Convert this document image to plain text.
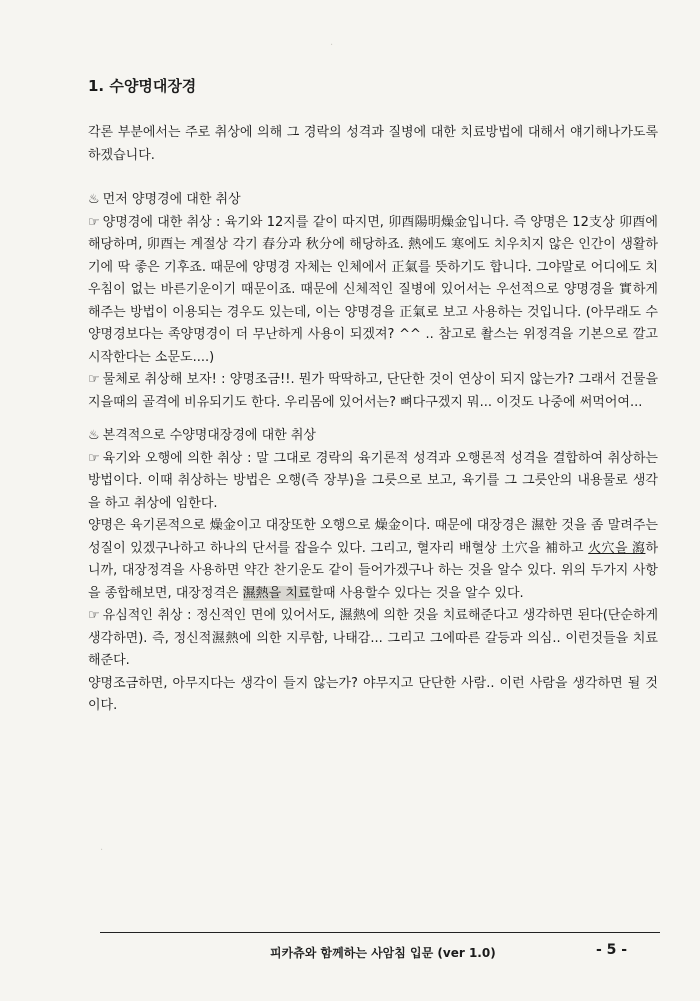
·
·
1. 수양명대장경

각론 부분에서는 주로 취상에 의해 그 경락의 성격과 질병에 대한 치료방법에 대해서 얘기해나가도록 하겠습니다.

♨ 먼저 양명경에 대한 취상

☞ 양명경에 대한 취상 : 육기와 12지를 같이 따지면, 卯酉陽明燥金입니다. 즉 양명은 12支상 卯酉에 해당하며, 卯酉는 계절상 각기 春分과 秋分에 해당하죠. 熱에도 寒에도 치우치지 않은 인간이 생활하기에 딱 좋은 기후죠. 때문에 양명경 자체는 인체에서 正氣를 뜻하기도 합니다. 그야말로 어디에도 치우침이 없는 바른기운이기 때문이죠. 때문에 신체적인 질병에 있어서는 우선적으로 양명경을 實하게 해주는 방법이 이용되는 경우도 있는데, 이는 양명경을 正氣로 보고 사용하는 것입니다. (아무래도 수양명경보다는 족양명경이 더 무난하게 사용이 되겠져? ^^ .. 참고로 촬스는 위정격을 기본으로 깔고 시작한다는 소문도....)

☞ 물체로 취상해 보자! : 양명조금!!. 뭔가 딱딱하고, 단단한 것이 연상이 되지 않는가? 그래서 건물을 지을때의 골격에 비유되기도 한다. 우리몸에 있어서는? 뼈다구겠지 뭐... 이것도 나중에 써먹어여...

♨ 본격적으로 수양명대장경에 대한 취상

☞ 육기와 오행에 의한 취상 : 말 그대로 경락의 육기론적 성격과 오행론적 성격을 결합하여 취상하는 방법이다. 이때 취상하는 방법은 오행(즉 장부)을 그릇으로 보고, 육기를 그 그릇안의 내용물로 생각을 하고 취상에 임한다.

양명은 육기론적으로 燥金이고 대장또한 오행으로 燥金이다. 때문에 대장경은 濕한 것을 좀 말려주는 성질이 있겠구나하고 하나의 단서를 잡을수 있다. 그리고, 혈자리 배혈상 土穴을 補하고 火穴을 瀉하니까, 대장정격을 사용하면 약간 찬기운도 같이 들어가겠구나 하는 것을 알수 있다. 위의 두가지 사항을 종합해보면, 대장정격은 濕熱을 치료할때 사용할수 있다는 것을 알수 있다.

☞ 유심적인 취상 : 정신적인 면에 있어서도, 濕熱에 의한 것을 치료해준다고 생각하면 된다(단순하게 생각하면). 즉, 정신적濕熱에 의한 지루함, 나태감... 그리고 그에따른 갈등과 의심.. 이런것들을 치료해준다.

양명조금하면, 아무지다는 생각이 들지 않는가? 야무지고 단단한 사람.. 이런 사람을 생각하면 될 것이다.

피카츄와 함께하는 사암침 입문 (ver 1.0)	- 5 -
